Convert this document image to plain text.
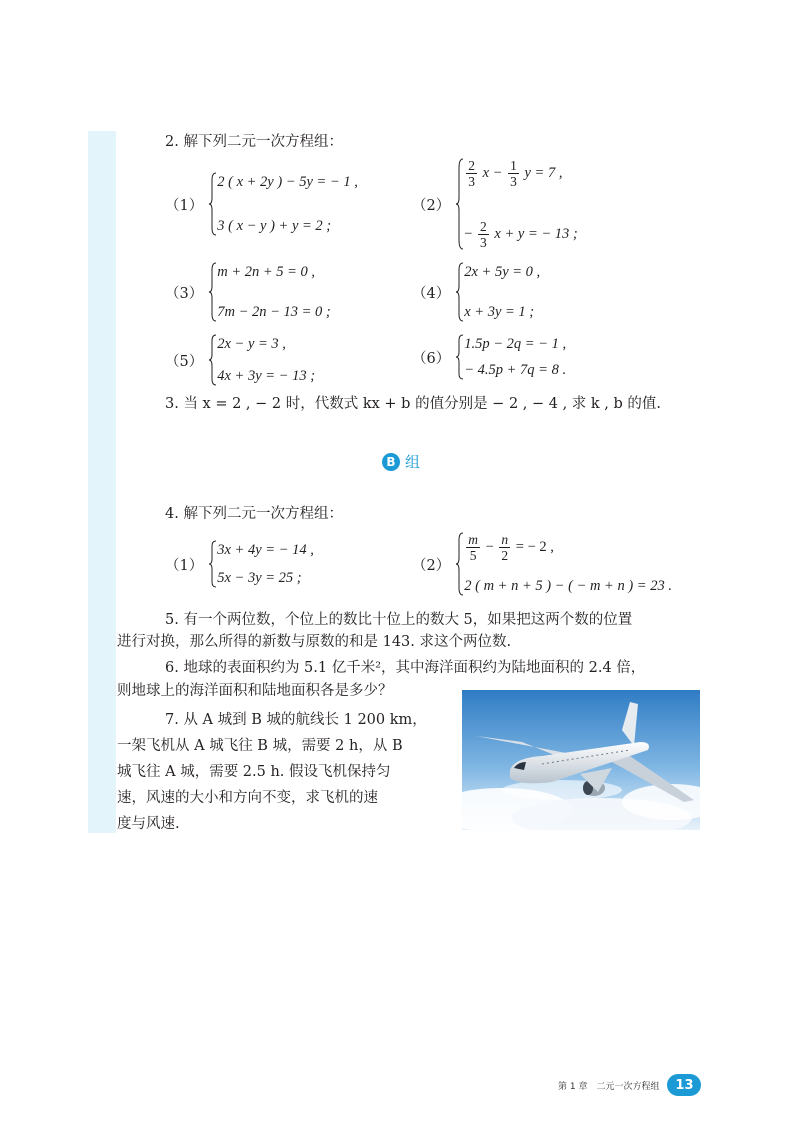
2. 解下列二元一次方程组：
（1）
2 ( x + 2y ) − 5y = − 1 ,
3 ( x − y ) + y = 2 ;
（2）
$\frac{2}{3}$ $x - \frac{1}{3}$ y = 7 ,
− $\frac{2}{3}$ x + y = − 13 ;
（3）
m + 2n + 5 = 0 ,
7m − 2n − 13 = 0 ;
（4）
2x + 5y = 0 ,
x + 3y = 1 ;
（5）
2x − y = 3 ,
4x + 3y = − 13 ;
（6）
1.5p − 2q = − 1 ,
− 4.5p + 7q = 8 .
3. 当 x = 2 , − 2 时，代数式 kx + b 的值分别是 − 2 , − 4 , 求 k , b 的值.
B 组
4. 解下列二元一次方程组：
（1）
3x + 4y = − 14 ,
5x − 3y = 25 ;
（2）
$\frac{m}{5} - \frac{n}{2}$ = − 2 ,
2 ( m + n + 5 ) − ( − m + n ) = 23 .
5. 有一个两位数，个位上的数比十位上的数大 5，如果把这两个数的位置
进行对换，那么所得的新数与原数的和是 143. 求这个两位数.
6. 地球的表面积约为 5.1 亿千米²，其中海洋面积约为陆地面积的 2.4 倍，
则地球上的海洋面积和陆地面积各是多少？
7. 从 A 城到 B 城的航线长 1 200 km，
一架飞机从 A 城飞往 B 城，需要 2 h，从 B
城飞往 A 城，需要 2.5 h. 假设飞机保持匀
速，风速的大小和方向不变，求飞机的速
度与风速.
第 1 章　二元一次方程组	13
